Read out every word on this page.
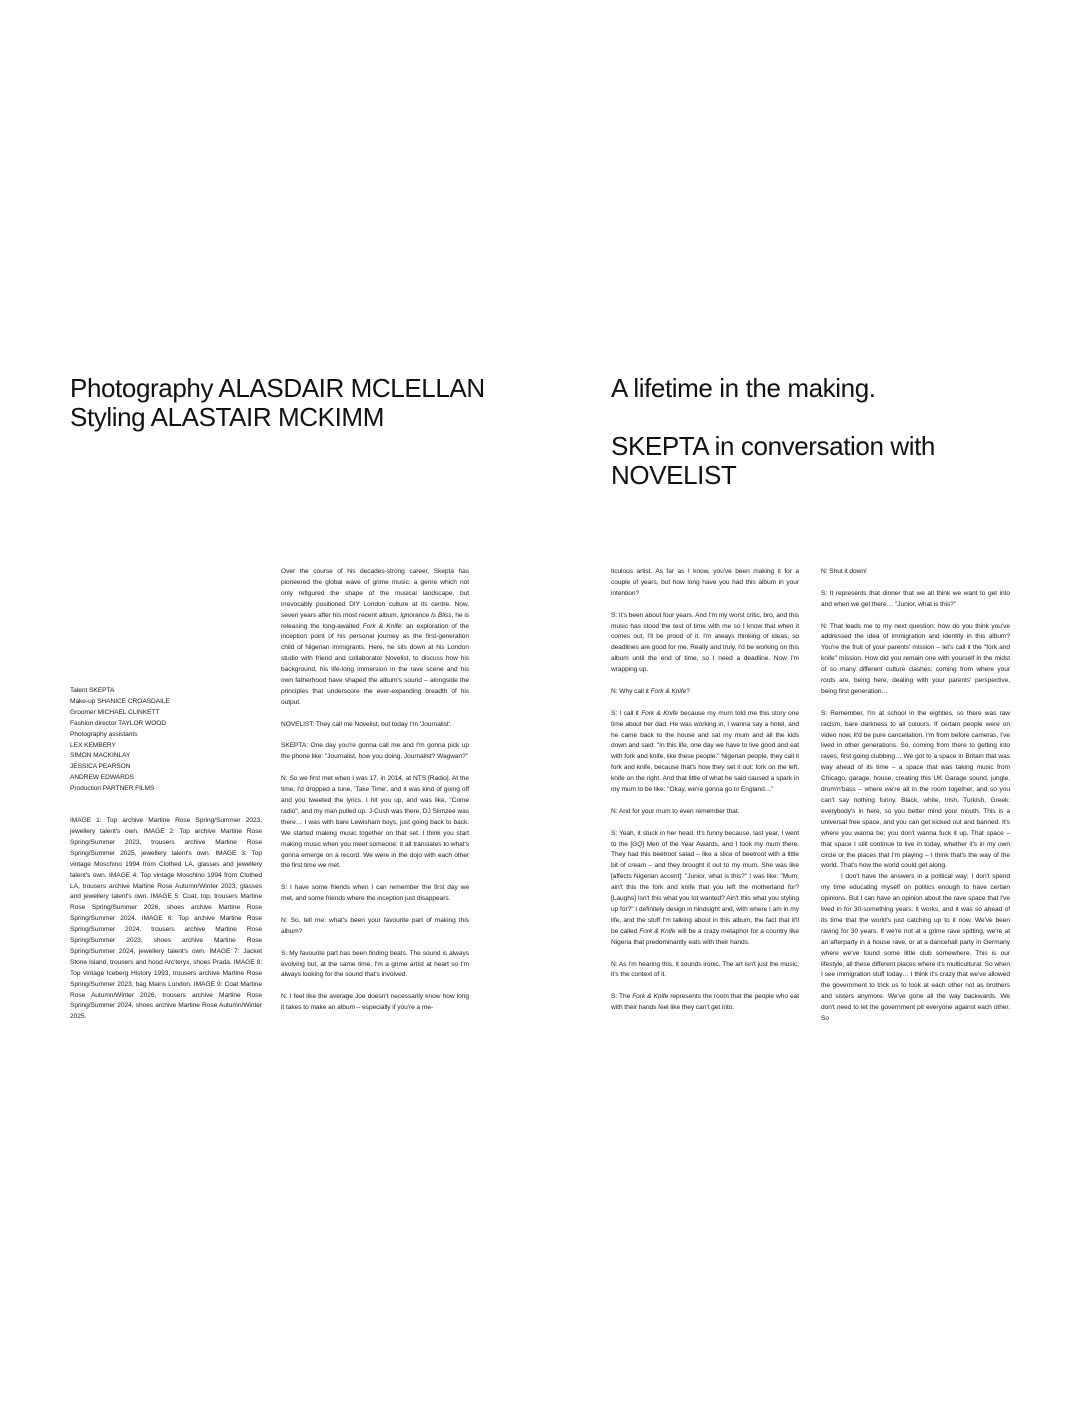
Photography ALASDAIR MCLELLAN
Styling ALASTAIR MCKIMM
A lifetime in the making.
SKEPTA in conversation with
NOVELIST
Talent SKEPTA
Make-up SHANICE CROASDAILE
Groomer MICHAEL CLINKETT
Fashion director TAYLOR WOOD
Photography assistants
LEX KEMBERY
SIMON MACKINLAY
JESSICA PEARSON
ANDREW EDWARDS
Production PARTNER FILMS

IMAGE 1: Top archive Martine Rose Spring/Summer 2023, jewellery talent's own. IMAGE 2: Top archive Martine Rose Spring/Summer 2023, trousers archive Martine Rose Spring/Summer 2025, jewellery talent's own. IMAGE 3: Top vintage Moschino 1994 from Clothed LA, glasses and jewellery talent's own. IMAGE 4: Top vintage Moschino 1994 from Clothed LA, trousers archive Martine Rose Autumn/Winter 2023, glasses and jewellery talent's own. IMAGE 5: Coat, top, trousers Martine Rose Spring/Summer 2026, shoes archive Martine Rose Spring/Summer 2024. IMAGE 6: Top archive Martine Rose Spring/Summer 2024, trousers archive Martine Rose Spring/Summer 2023, shoes archive Martine Rose Spring/Summer 2024, jewellery talent's own. IMAGE 7: Jacket Stone Island, trousers and hood Arc'teryx, shoes Prada. IMAGE 8: Top vintage Iceberg History 1993, trousers archive Martine Rose Spring/Summer 2023, bag Mains London. IMAGE 9: Coat Martine Rose Autumn/Winter 2026, trousers archive Martine Rose Spring/Summer 2024, shoes archive Martine Rose Autumn/Winter 2025.

Over the course of his decades-strong career, Skepta has pioneered the global wave of grime music: a genre which not only refigured the shape of the musical landscape, but irrevocably positioned DIY London culture at its centre. Now, seven years after his most recent album, Ignorance Is Bliss, he is releasing the long-awaited Fork & Knife: an exploration of the inception point of his personal journey as the first-generation child of Nigerian immigrants. Here, he sits down at his London studio with friend and collaborator Novelist, to discuss how his background, his life-long immersion in the rave scene and his own fatherhood have shaped the album's sound – alongside the principles that underscore the ever-expanding breadth of his output.

NOVELIST: They call me Novelist, but today I'm 'Journalist'.

SKEPTA: One day you're gonna call me and I'm gonna pick up the phone like: "Journalist, how you doing, Journalist? Wagwan?"

N: So we first met when I was 17, in 2014, at NTS [Radio]. At the time, I'd dropped a tune, 'Take Time', and it was kind of going off and you tweeted the lyrics. I hit you up, and was like, "Come radio", and my man pulled up. J-Cush was there, DJ Slimzee was there… I was with bare Lewisham boys, just going back to back. We started making music together on that set. I think you start making music when you meet someone: it all translates to what's gonna emerge on a record. We were in the dojo with each other the first time we met.

S: I have some friends when I can remember the first day we met, and some friends where the inception just disappears.

N: So, tell me: what's been your favourite part of making this album?

S: My favourite part has been finding beats. The sound is always evolving but, at the same time, I'm a grime artist at heart so I'm always looking for the sound that's involved.

N: I feel like the average Joe doesn't necessarily know how long it takes to make an album – especially if you're a me-

ticulous artist. As far as I know, you've been making it for a couple of years, but how long have you had this album in your intention?

S: It's been about four years. And I'm my worst critic, bro, and this music has stood the test of time with me so I know that when it comes out, I'll be proud of it. I'm always thinking of ideas, so deadlines are good for me. Really and truly, I'd be working on this album until the end of time, so I need a deadline. Now I'm wrapping up.

N: Why call it Fork & Knife?

S: I call it Fork & Knife because my mum told me this story one time about her dad. He was working in, I wanna say a hotel, and he came back to the house and sat my mum and all the kids down and said: "In this life, one day we have to live good and eat with fork and knife, like these people." Nigerian people, they call it fork and knife, because that's how they set it out: fork on the left, knife on the right. And that little of what he said caused a spark in my mum to be like: "Okay, we're gonna go to England…"

N: And for your mum to even remember that.

S: Yeah, it stuck in her head. It's funny because, last year, I went to the [GQ] Men of the Year Awards, and I took my mum there. They had this beetroot salad – like a slice of beetroot with a little bit of cream – and they brought it out to my mum. She was like [affects Nigerian accent]: "Junior, what is this?" I was like: "Mum, ain't this the fork and knife that you left the motherland for? [Laughs] Isn't this what you lot wanted? Ain't this what you styling up for?" I definitely design in hindsight and, with where I am in my life, and the stuff I'm talking about in this album, the fact that it'll be called Fork & Knife will be a crazy metaphor for a country like Nigeria that predominantly eats with their hands.

N: As I'm hearing this, it sounds ironic. The art isn't just the music; it's the context of it.

S: The Fork & Knife represents the room that the people who eat with their hands feel like they can't get into.

N: Shut it down!

S: It represents that dinner that we all think we want to get into and when we get there… "Junior, what is this?"

N: That leads me to my next question: how do you think you've addressed the idea of immigration and identity in this album? You're the fruit of your parents' mission – let's call it the "fork and knife" mission. How did you remain one with yourself in the midst of so many different culture clashes; coming from where your roots are, being here, dealing with your parents' perspective, being first generation…

S: Remember, I'm at school in the eighties, so there was raw racism, bare darkness to all colours. If certain people were on video now, it'd be pure cancellation. I'm from before cameras, I've lived in other generations. So, coming from there to getting into raves, first going clubbing… We got to a space in Britain that was way ahead of its time – a space that was taking music from Chicago, garage, house, creating this UK Garage sound, jungle, drum'n'bass – where we're all in the room together, and so you can't say nothing funny. Black, white, Irish, Turkish, Greek: everybody's in here, so you better mind your mouth. This is a universal free space, and you can get kicked out and banned. It's where you wanna be; you don't wanna fuck it up. That space – that space I still continue to live in today, whether it's in my own circle or the places that I'm playing – I think that's the way of the world. That's how the world could get along.

I don't have the answers in a political way; I don't spend my time educating myself on politics enough to have certain opinions. But I can have an opinion about the rave space that I've lived in for 30-something years: it works, and it was so ahead of its time that the world's just catching up to it now. We've been raving for 30 years. If we're not at a grime rave spitting, we're at an afterparty in a house rave, or at a dancehall party in Germany where we've found some little club somewhere. This is our lifestyle, all these different places where it's multicultural. So when I see immigration stuff today… I think it's crazy that we've allowed the government to trick us to look at each other not as brothers and sisters anymore. We've gone all the way backwards. We don't need to let the government pit everyone against each other. So
